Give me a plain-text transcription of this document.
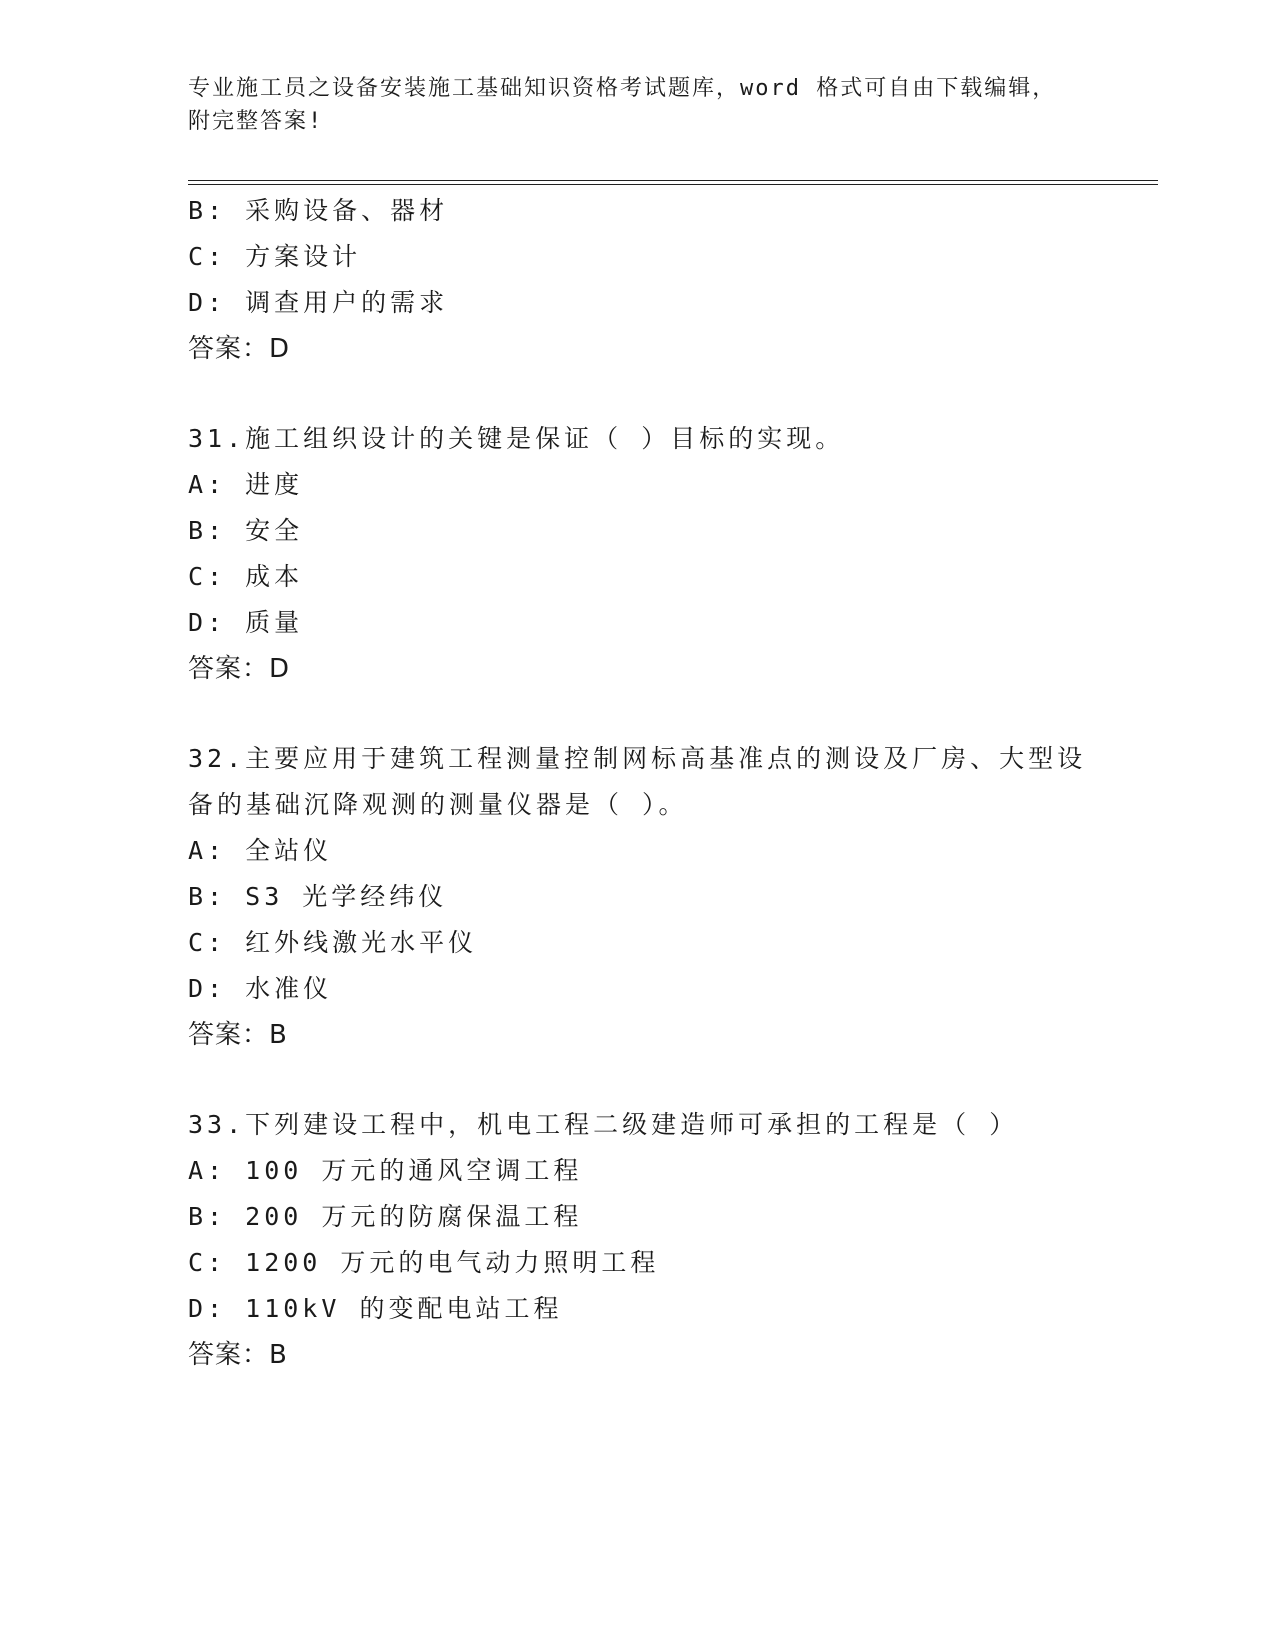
专业施工员之设备安装施工基础知识资格考试题库，word 格式可自由下载编辑，
附完整答案!
B: 采购设备、器材
C: 方案设计
D: 调查用户的需求
答案：D
31.施工组织设计的关键是保证（ ）目标的实现。
A: 进度
B: 安全
C: 成本
D: 质量
答案：D
32.主要应用于建筑工程测量控制网标高基准点的测设及厂房、大型设
备的基础沉降观测的测量仪器是（ ）。
A: 全站仪
B: S3 光学经纬仪
C: 红外线激光水平仪
D: 水准仪
答案：B
33.下列建设工程中，机电工程二级建造师可承担的工程是（ ）
A: 100 万元的通风空调工程
B: 200 万元的防腐保温工程
C: 1200 万元的电气动力照明工程
D: 110kV 的变配电站工程
答案：B
